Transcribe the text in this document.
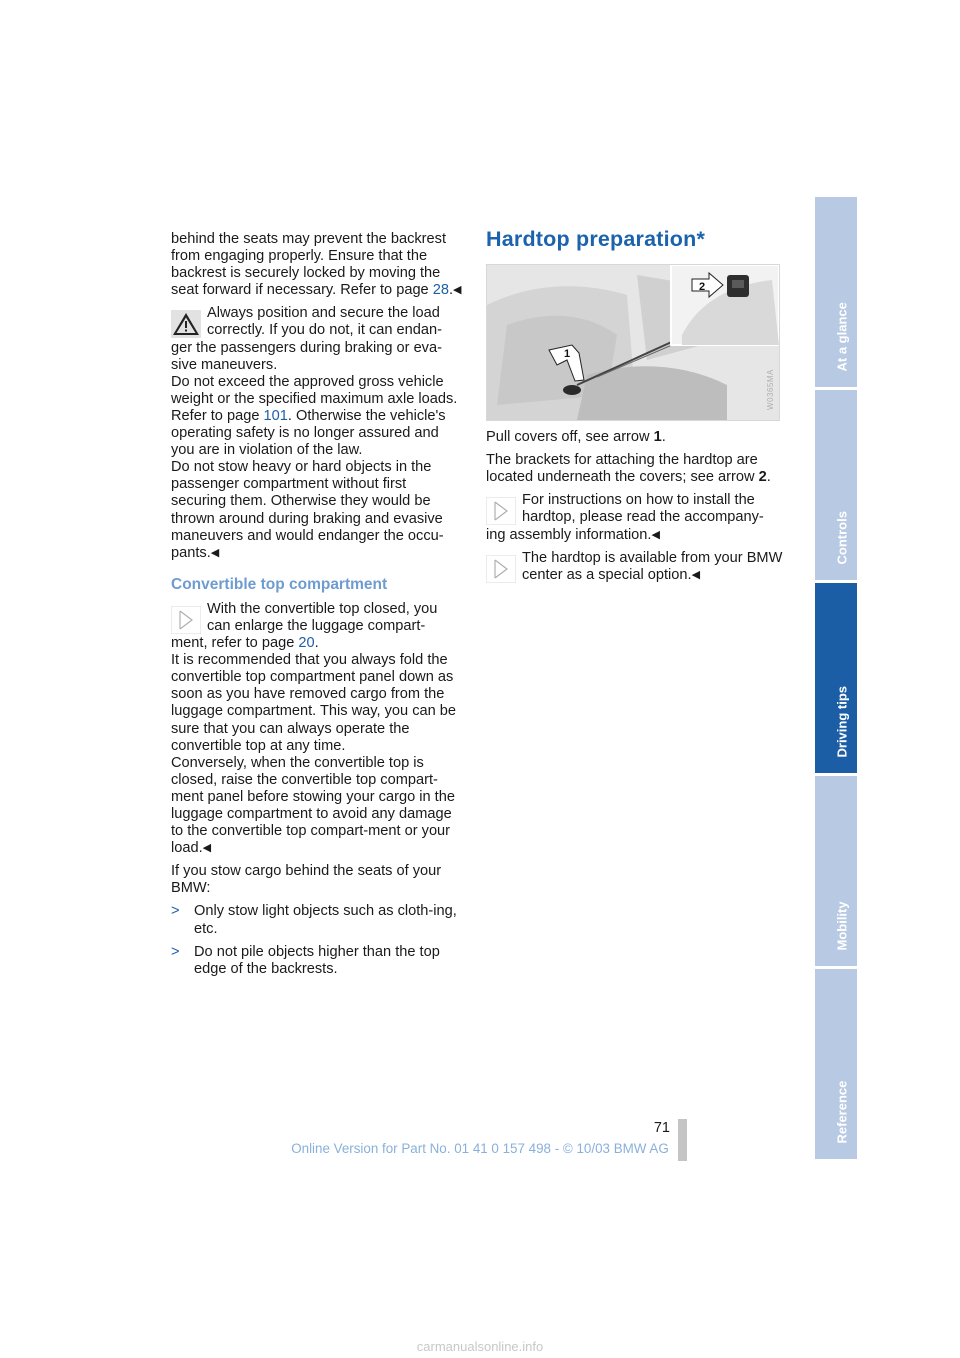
behind the seats may prevent the backrest from engaging properly. Ensure that the backrest is securely locked by moving the seat forward if necessary. Refer to page 28.◀

Always position and secure the load correctly. If you do not, it can endan- ger the passengers during braking or eva-sive maneuvers.
Do not exceed the approved gross vehicle weight or the specified maximum axle loads. Refer to page 101. Otherwise the vehicle's operating safety is no longer assured and you are in violation of the law.
Do not stow heavy or hard objects in the passenger compartment without first securing them. Otherwise they would be thrown around during braking and evasive maneuvers and would endanger the occu-pants.◀
Convertible top compartment
With the convertible top closed, you can enlarge the luggage compart- ment, refer to page 20.
It is recommended that you always fold the convertible top compartment panel down as soon as you have removed cargo from the luggage compartment. This way, you can be sure that you can always operate the convertible top at any time.
Conversely, when the convertible top is closed, raise the convertible top compart-ment panel before stowing your cargo in the luggage compartment to avoid any damage to the convertible top compart-ment or your load.◀

If you stow cargo behind the seats of your BMW:

> Only stow light objects such as cloth-ing, etc.
> Do not pile objects higher than the top edge of the backrests.
Hardtop preparation*
2
1
W0365MA

Pull covers off, see arrow 1.

The brackets for attaching the hardtop are located underneath the covers; see arrow 2.

For instructions on how to install the hardtop, please read the accompany- ing assembly information.◀
The hardtop is available from your BMW center as a special option.◀
At a glance
Controls
Driving tips
Mobility
Reference
71
Online Version for Part No. 01 41 0 157 498 - © 10/03 BMW AG
carmanualsonline.info
